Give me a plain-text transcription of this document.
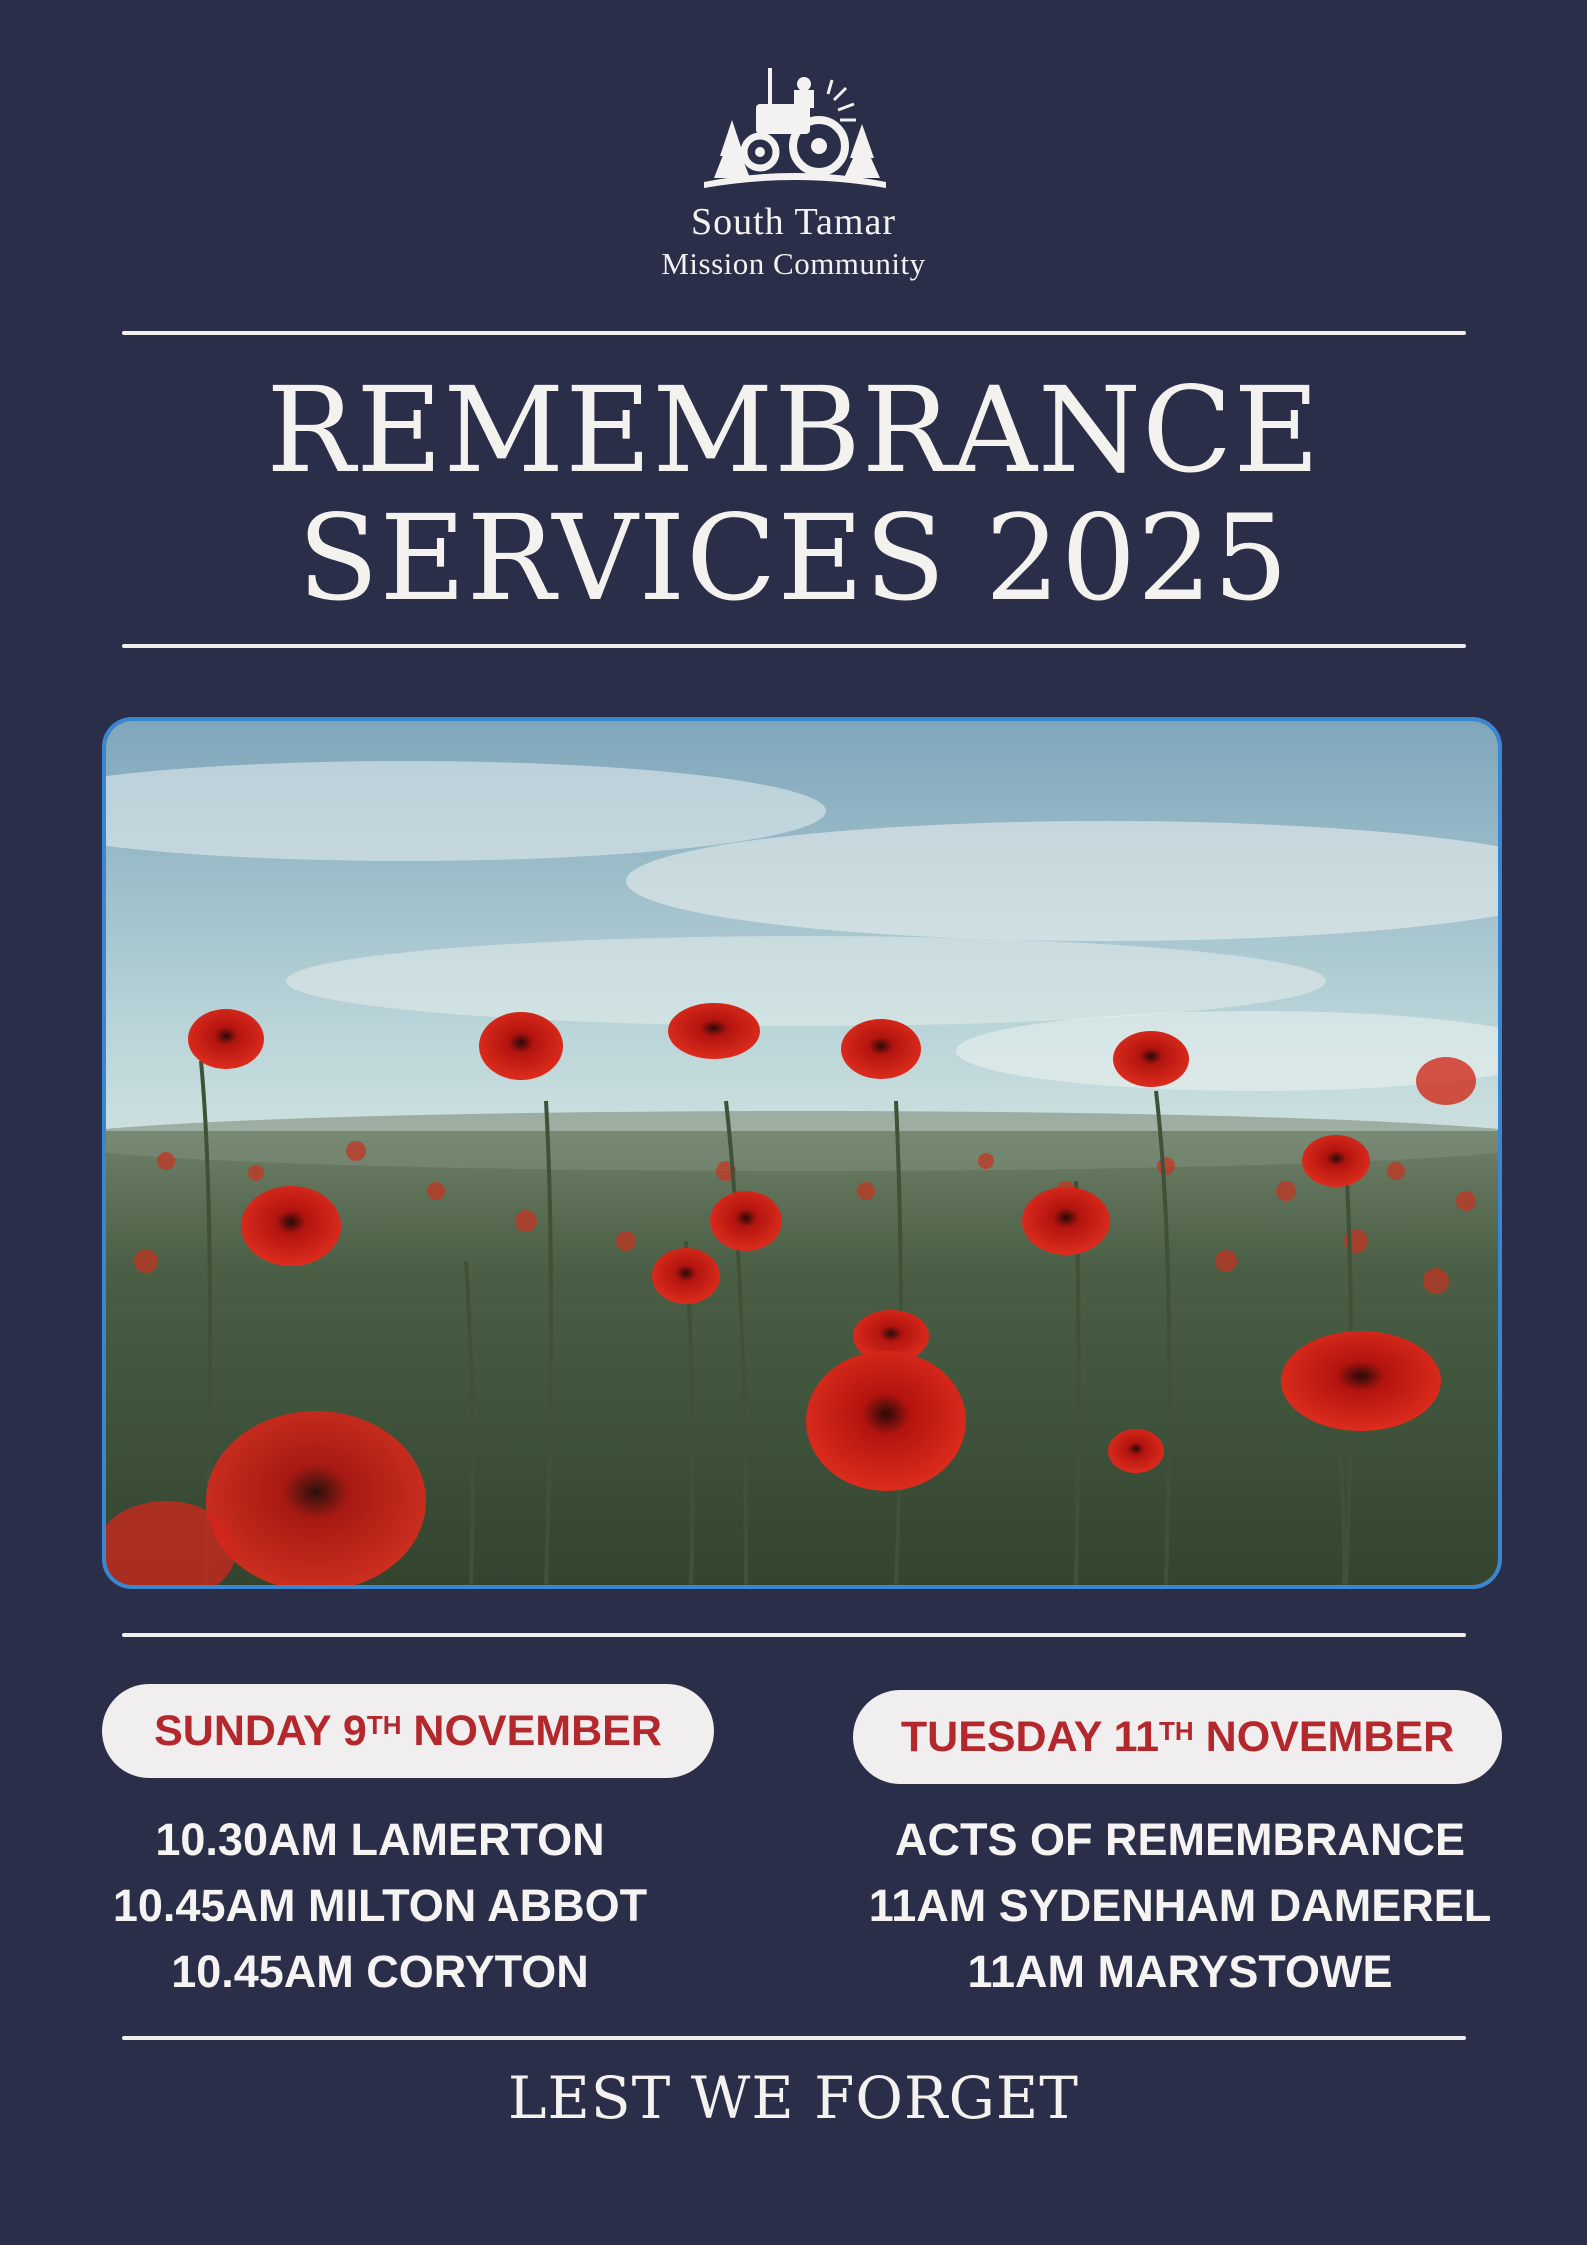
South Tamar
Mission Community
REMEMBRANCE
SERVICES 2025
SUNDAY 9TH NOVEMBER
10.30AM LAMERTON
10.45AM MILTON ABBOT
10.45AM CORYTON
TUESDAY 11TH NOVEMBER
ACTS OF REMEMBRANCE
11AM SYDENHAM DAMEREL
11AM MARYSTOWE
LEST WE FORGET
